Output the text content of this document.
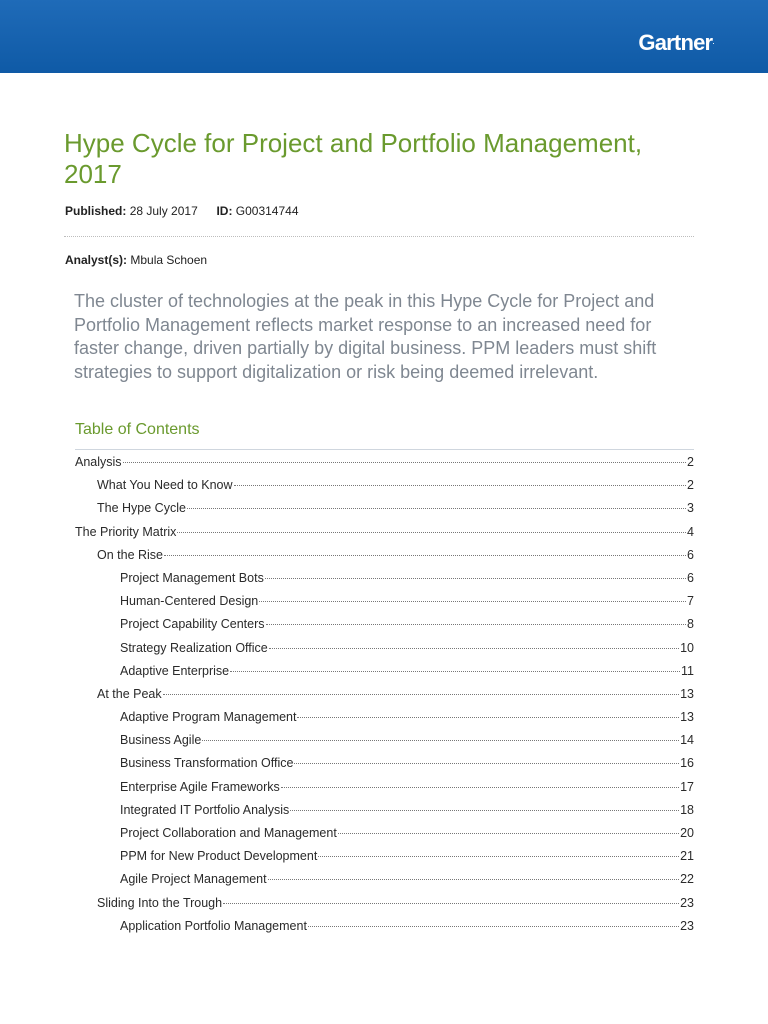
Gartner.
Hype Cycle for Project and Portfolio Management, 2017
Published: 28 July 2017 ID: G00314744
Analyst(s): Mbula Schoen

The cluster of technologies at the peak in this Hype Cycle for Project and Portfolio Management reflects market response to an increased need for faster change, driven partially by digital business. PPM leaders must shift strategies to support digitalization or risk being deemed irrelevant.

Table of Contents
Analysis	2
What You Need to Know	2
The Hype Cycle	3
The Priority Matrix	4
On the Rise	6
Project Management Bots	6
Human-Centered Design	7
Project Capability Centers	8
Strategy Realization Office	10
Adaptive Enterprise	11
At the Peak	13
Adaptive Program Management	13
Business Agile	14
Business Transformation Office	16
Enterprise Agile Frameworks	17
Integrated IT Portfolio Analysis	18
Project Collaboration and Management	20
PPM for New Product Development	21
Agile Project Management	22
Sliding Into the Trough	23
Application Portfolio Management	23
